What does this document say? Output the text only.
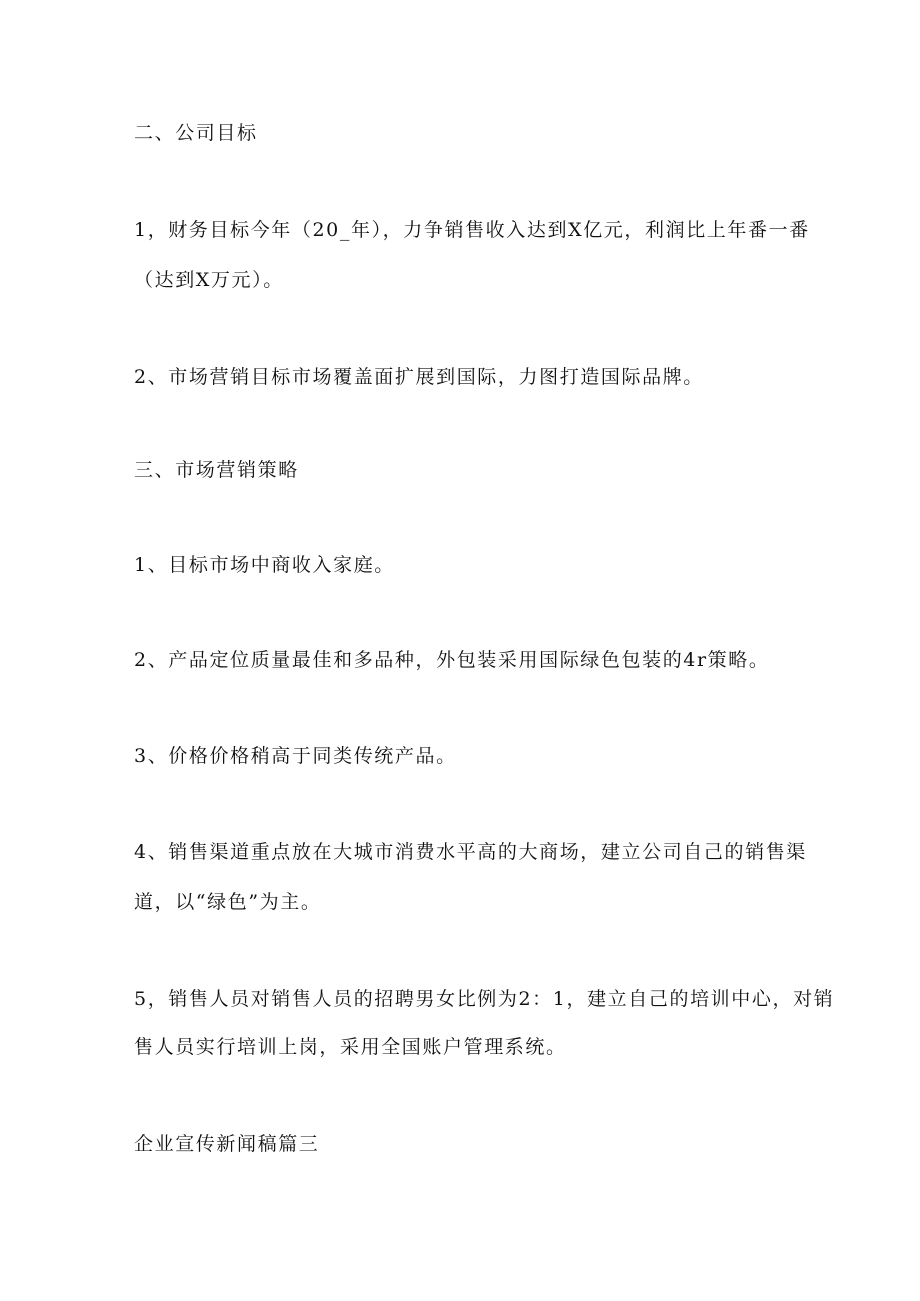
二、公司目标
1，财务目标今年（20_年），力争销售收入达到X亿元，利润比上年番一番
（达到X万元）。
2、市场营销目标市场覆盖面扩展到国际，力图打造国际品牌。
三、市场营销策略
1、目标市场中商收入家庭。
2、产品定位质量最佳和多品种，外包装采用国际绿色包装的4r策略。
3、价格价格稍高于同类传统产品。
4、销售渠道重点放在大城市消费水平高的大商场，建立公司自己的销售渠
道，以“绿色”为主。
5，销售人员对销售人员的招聘男女比例为2：1，建立自己的培训中心，对销
售人员实行培训上岗，采用全国账户管理系统。
企业宣传新闻稿篇三
